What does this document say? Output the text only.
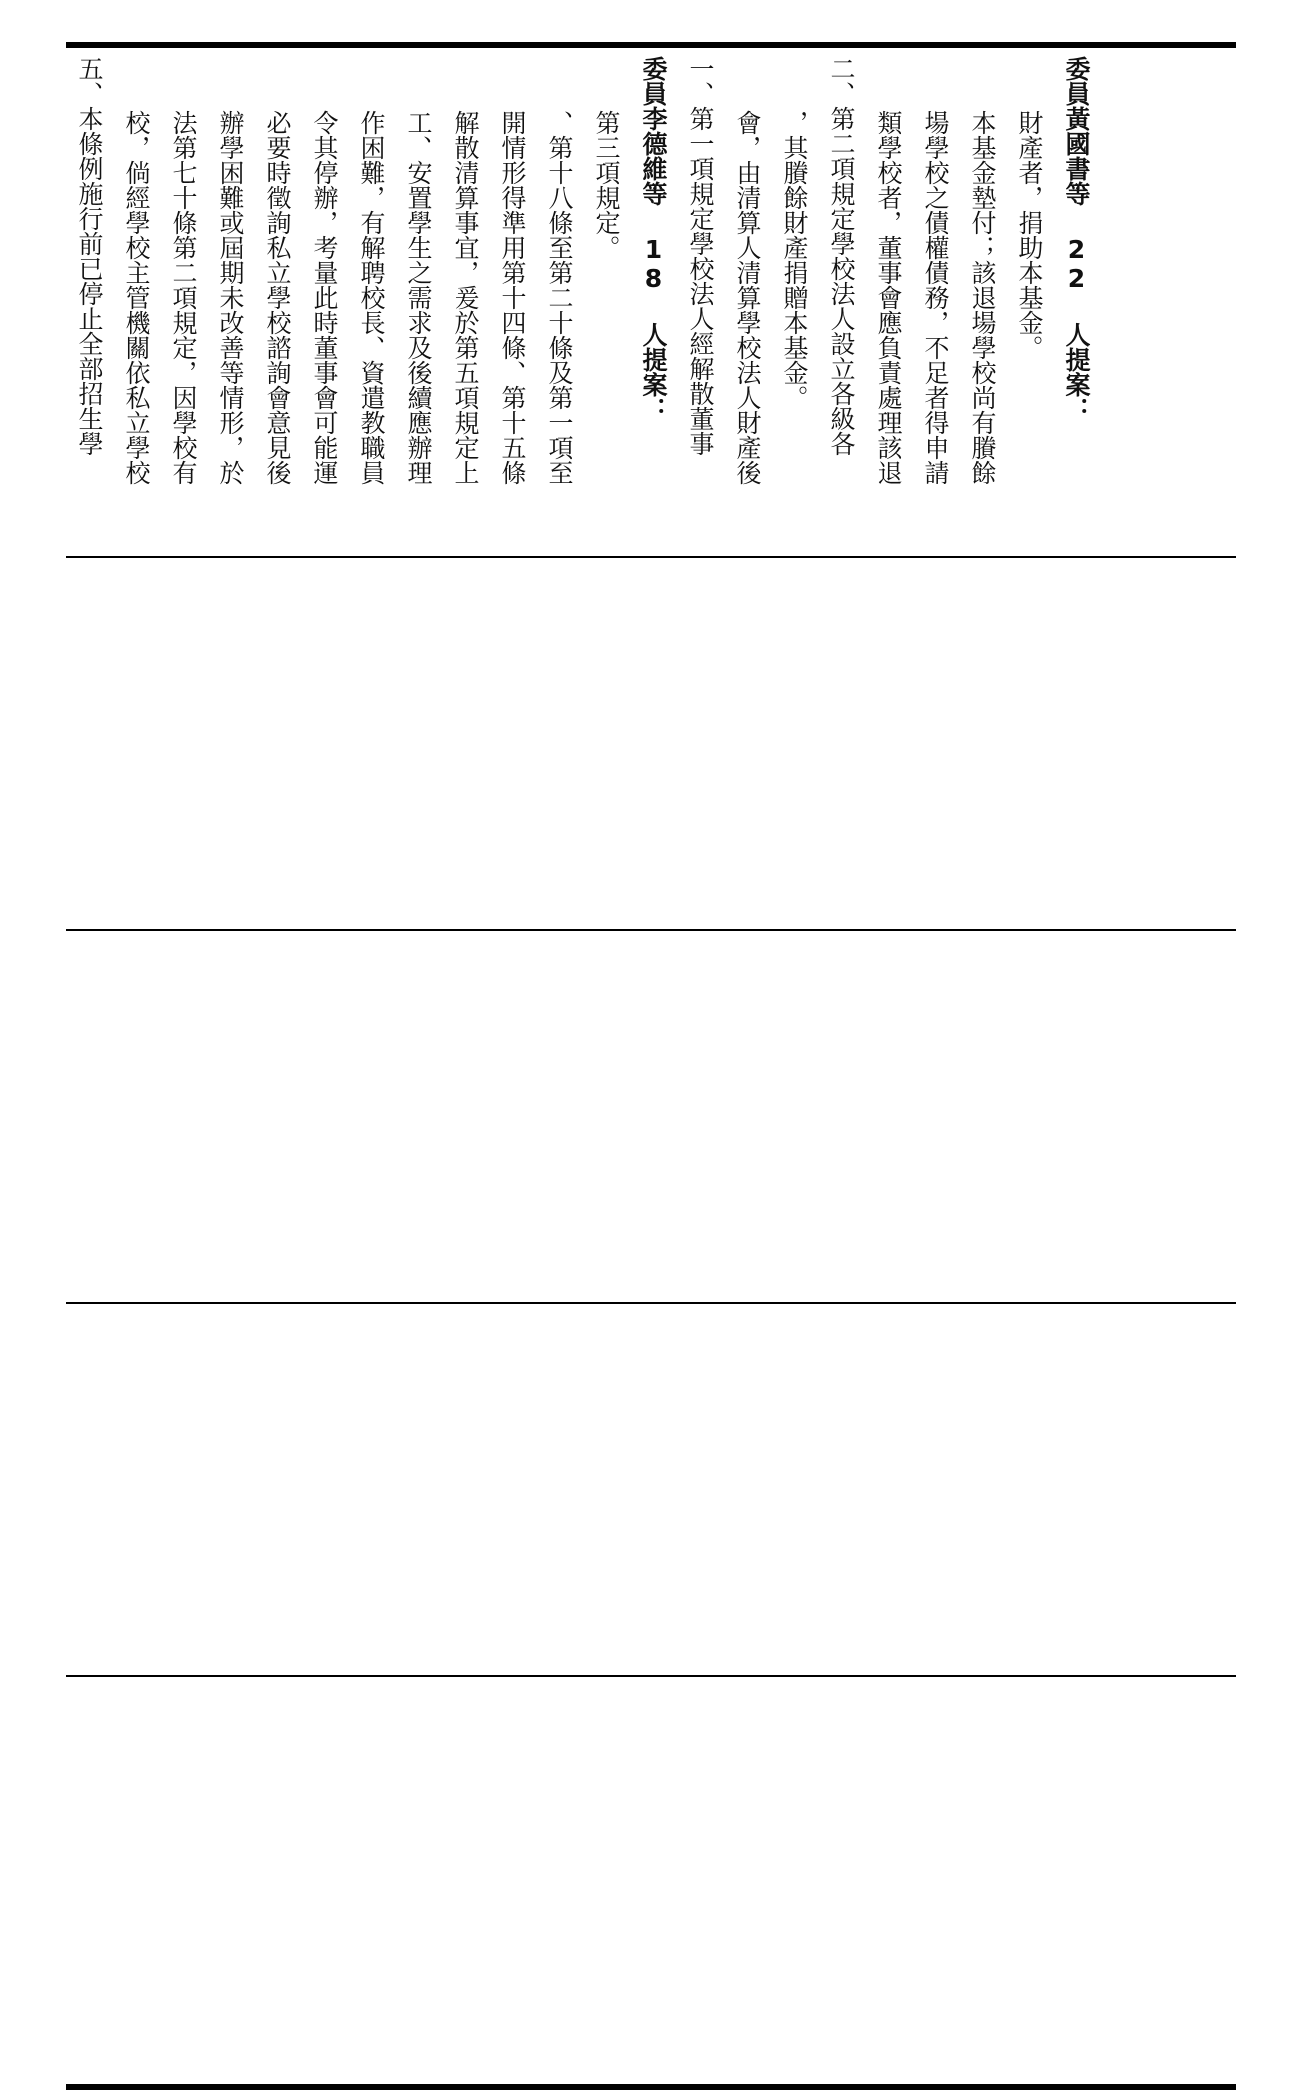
五、本條例施行前已停止全部招生學 校，倘經學校主管機關依私立學校 法第七十條第二項規定，因學校有 辦學困難或屆期未改善等情形，於 必要時徵詢私立學校諮詢會意見後 令其停辦，考量此時董事會可能運 作困難，有解聘校長、資遣教職員 工、安置學生之需求及後續應辦理 解散清算事宜，爰於第五項規定上 開情形得準用第十四條、第十五條 、第十八條至第二十條及第一項至 第三項規定。 委員李德維等 18 人提案： 一、第一項規定學校法人經解散董事 會，由清算人清算學校法人財產後 ，其賸餘財產捐贈本基金。 二、第二項規定學校法人設立各級各 類學校者，董事會應負責處理該退 場學校之債權債務，不足者得申請 本基金墊付；該退場學校尚有賸餘 財產者，捐助本基金。 委員黃國書等 22 人提案：
